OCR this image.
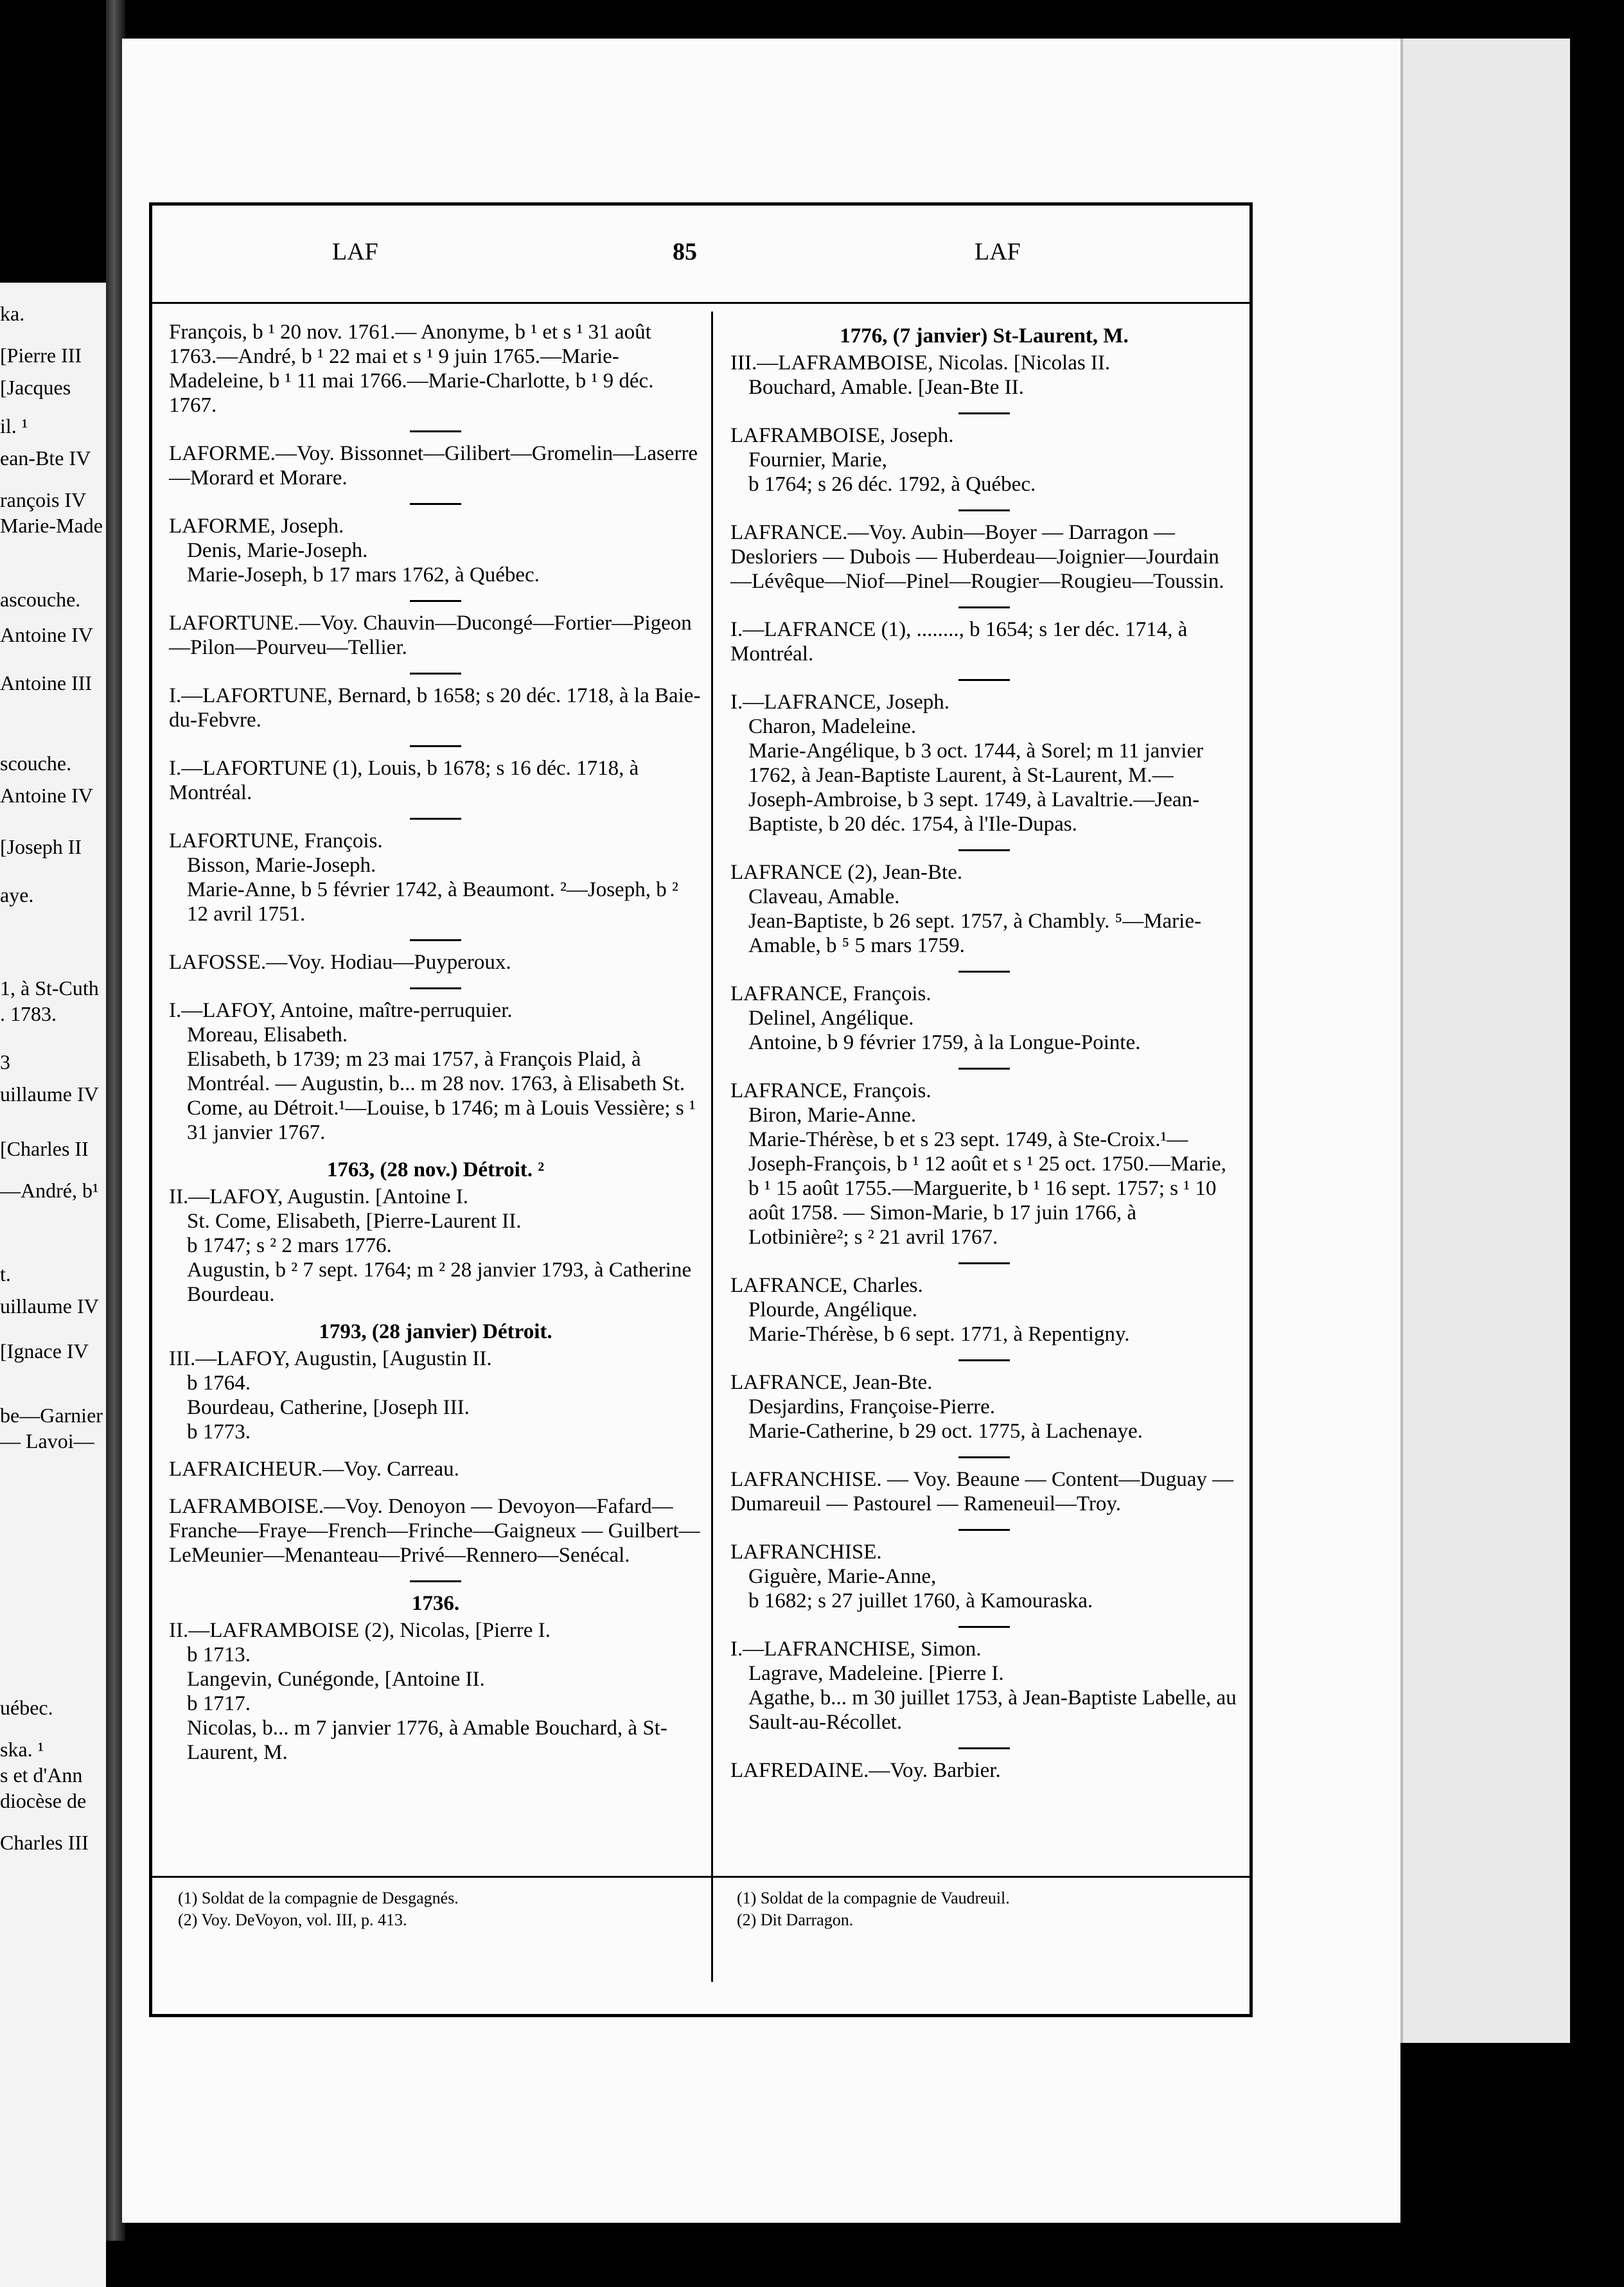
ka.
[Pierre III
[Jacques
il. ¹
ean-Bte IV
rançois IV
Marie-Made
ascouche.
Antoine IV
Antoine III
scouche.
Antoine IV
[Joseph II
aye.
1, à St-Cuth
. 1783.
3
uillaume IV
[Charles II
—André, b¹
t.
uillaume IV
[Ignace IV
be—Garnier
— Lavoi—
uébec.
ska. ¹
s et d'Ann
diocèse de
Charles III
LAF	85	LAF

François, b ¹ 20 nov. 1761.— Anonyme, b ¹ et s ¹ 31 août 1763.—André, b ¹ 22 mai et s ¹ 9 juin 1765.—Marie-Madeleine, b ¹ 11 mai 1766.—Marie-Charlotte, b ¹ 9 déc. 1767.

LAFORME.—Voy. Bissonnet—Gilibert—Gromelin—Laserre—Morard et Morare.

LAFORME, Joseph.

Denis, Marie-Joseph.

Marie-Joseph, b 17 mars 1762, à Québec.

LAFORTUNE.—Voy. Chauvin—Ducongé—Fortier—Pigeon—Pilon—Pourveu—Tellier.

I.—LAFORTUNE, Bernard, b 1658; s 20 déc. 1718, à la Baie-du-Febvre.

I.—LAFORTUNE (1), Louis, b 1678; s 16 déc. 1718, à Montréal.

LAFORTUNE, François.

Bisson, Marie-Joseph.

Marie-Anne, b 5 février 1742, à Beaumont. ²—Joseph, b ² 12 avril 1751.

LAFOSSE.—Voy. Hodiau—Puyperoux.

I.—LAFOY, Antoine, maître-perruquier.

Moreau, Elisabeth.

Elisabeth, b 1739; m 23 mai 1757, à François Plaid, à Montréal. — Augustin, b... m 28 nov. 1763, à Elisabeth St. Come, au Détroit.¹—Louise, b 1746; m à Louis Vessière; s ¹ 31 janvier 1767.

1763, (28 nov.) Détroit. ²

II.—LAFOY, Augustin. [Antoine I.

St. Come, Elisabeth, [Pierre-Laurent II.

b 1747; s ² 2 mars 1776.

Augustin, b ² 7 sept. 1764; m ² 28 janvier 1793, à Catherine Bourdeau.

1793, (28 janvier) Détroit.

III.—LAFOY, Augustin, [Augustin II.

b 1764.

Bourdeau, Catherine, [Joseph III.

b 1773.

LAFRAICHEUR.—Voy. Carreau.

LAFRAMBOISE.—Voy. Denoyon — Devoyon—Fafard—Franche—Fraye—French—Frinche—Gaigneux — Guilbert—LeMeunier—Menanteau—Privé—Rennero—Senécal.

1736.

II.—LAFRAMBOISE (2), Nicolas, [Pierre I.

b 1713.

Langevin, Cunégonde, [Antoine II.

b 1717.

Nicolas, b... m 7 janvier 1776, à Amable Bouchard, à St-Laurent, M.

1776, (7 janvier) St-Laurent, M.

III.—LAFRAMBOISE, Nicolas. [Nicolas II.

Bouchard, Amable. [Jean-Bte II.

LAFRAMBOISE, Joseph.

Fournier, Marie,

b 1764; s 26 déc. 1792, à Québec.

LAFRANCE.—Voy. Aubin—Boyer — Darragon —Desloriers — Dubois — Huberdeau—Joignier—Jourdain—Lévêque—Niof—Pinel—Rougier—Rougieu—Toussin.

I.—LAFRANCE (1), ........, b 1654; s 1er déc. 1714, à Montréal.

I.—LAFRANCE, Joseph.

Charon, Madeleine.

Marie-Angélique, b 3 oct. 1744, à Sorel; m 11 janvier 1762, à Jean-Baptiste Laurent, à St-Laurent, M.—Joseph-Ambroise, b 3 sept. 1749, à Lavaltrie.—Jean-Baptiste, b 20 déc. 1754, à l'Ile-Dupas.

LAFRANCE (2), Jean-Bte.

Claveau, Amable.

Jean-Baptiste, b 26 sept. 1757, à Chambly. ⁵—Marie-Amable, b ⁵ 5 mars 1759.

LAFRANCE, François.

Delinel, Angélique.

Antoine, b 9 février 1759, à la Longue-Pointe.

LAFRANCE, François.

Biron, Marie-Anne.

Marie-Thérèse, b et s 23 sept. 1749, à Ste-Croix.¹—Joseph-François, b ¹ 12 août et s ¹ 25 oct. 1750.—Marie, b ¹ 15 août 1755.—Marguerite, b ¹ 16 sept. 1757; s ¹ 10 août 1758. — Simon-Marie, b 17 juin 1766, à Lotbinière²; s ² 21 avril 1767.

LAFRANCE, Charles.

Plourde, Angélique.

Marie-Thérèse, b 6 sept. 1771, à Repentigny.

LAFRANCE, Jean-Bte.

Desjardins, Françoise-Pierre.

Marie-Catherine, b 29 oct. 1775, à Lachenaye.

LAFRANCHISE. — Voy. Beaune — Content—Duguay — Dumareuil — Pastourel — Rameneuil—Troy.

LAFRANCHISE.

Giguère, Marie-Anne,

b 1682; s 27 juillet 1760, à Kamouraska.

I.—LAFRANCHISE, Simon.

Lagrave, Madeleine. [Pierre I.

Agathe, b... m 30 juillet 1753, à Jean-Baptiste Labelle, au Sault-au-Récollet.

LAFREDAINE.—Voy. Barbier.

(1) Soldat de la compagnie de Desgagnés.
(2) Voy. DeVoyon, vol. III, p. 413.
(1) Soldat de la compagnie de Vaudreuil.
(2) Dit Darragon.
